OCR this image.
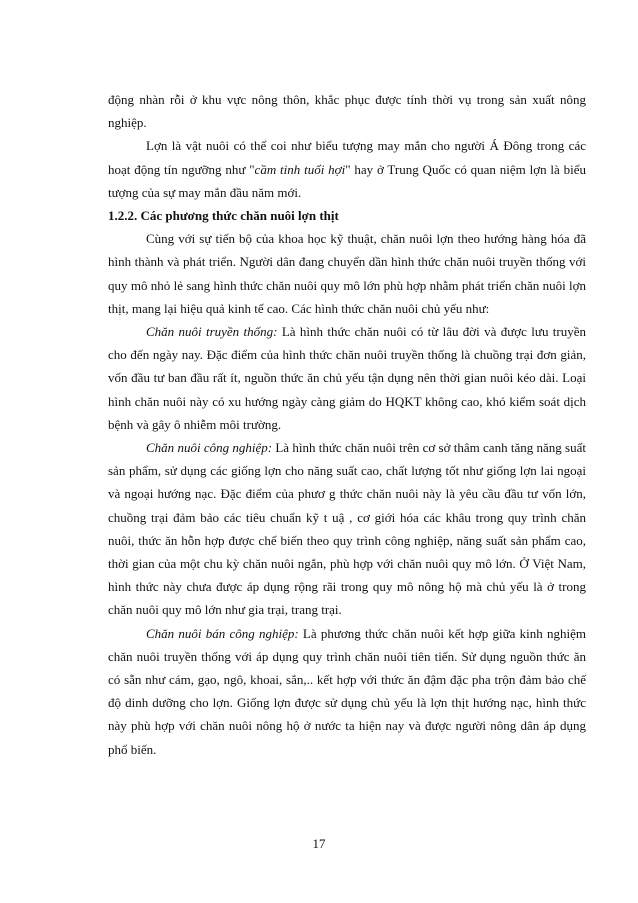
động nhàn rỗi ở khu vực nông thôn, khắc phục được tính thời vụ trong sản xuất nông nghiệp.

Lợn là vật nuôi có thể coi như biểu tượng may mắn cho người Á Đông trong các hoạt động tín ngưỡng như "cầm tinh tuổi hợi" hay ở Trung Quốc có quan niệm lợn là biểu tượng của sự may mắn đầu năm mới.

1.2.2. Các phương thức chăn nuôi lợn thịt

Cùng với sự tiến bộ của khoa học kỹ thuật, chăn nuôi lợn theo hướng hàng hóa đã hình thành và phát triển. Người dân đang chuyển dần hình thức chăn nuôi truyền thống với quy mô nhỏ lẻ sang hình thức chăn nuôi quy mô lớn phù hợp nhằm phát triển chăn nuôi lợn thịt, mang lại hiệu quả kinh tế cao. Các hình thức chăn nuôi chủ yếu như:

Chăn nuôi truyền thống: Là hình thức chăn nuôi có từ lâu đời và được lưu truyền cho đến ngày nay. Đặc điểm của hình thức chăn nuôi truyền thống là chuồng trại đơn giản, vốn đầu tư ban đầu rất ít, nguồn thức ăn chủ yếu tận dụng nên thời gian nuôi kéo dài. Loại hình chăn nuôi này có xu hướng ngày càng giảm do HQKT không cao, khó kiểm soát dịch bệnh và gây ô nhiễm môi trường.

Chăn nuôi công nghiệp: Là hình thức chăn nuôi trên cơ sở thâm canh tăng năng suất sản phẩm, sử dụng các giống lợn cho năng suất cao, chất lượng tốt như giống lợn lai ngoại và ngoại hướng nạc. Đặc điểm của phươ g thức chăn nuôi này là yêu cầu đầu tư vốn lớn, chuồng trại đảm bảo các tiêu chuẩn kỹ t uậ , cơ giới hóa các khâu trong quy trình chăn nuôi, thức ăn hỗn hợp được chế biến theo quy trình công nghiệp, năng suất sản phẩm cao, thời gian của một chu kỳ chăn nuôi ngắn, phù hợp với chăn nuôi quy mô lớn. Ở Việt Nam, hình thức này chưa được áp dụng rộng rãi trong quy mô nông hộ mà chủ yếu là ở trong chăn nuôi quy mô lớn như gia trại, trang trại.

Chăn nuôi bán công nghiệp: Là phương thức chăn nuôi kết hợp giữa kinh nghiệm chăn nuôi truyền thống với áp dụng quy trình chăn nuôi tiên tiến. Sử dụng nguồn thức ăn có sẵn như cám, gạo, ngô, khoai, sắn,.. kết hợp với thức ăn đậm đặc pha trộn đảm bảo chế độ dinh dưỡng cho lợn. Giống lợn được sử dụng chủ yếu là lợn thịt hướng nạc, hình thức này phù hợp với chăn nuôi nông hộ ở nước ta hiện nay và được người nông dân áp dụng phổ biến.

17
